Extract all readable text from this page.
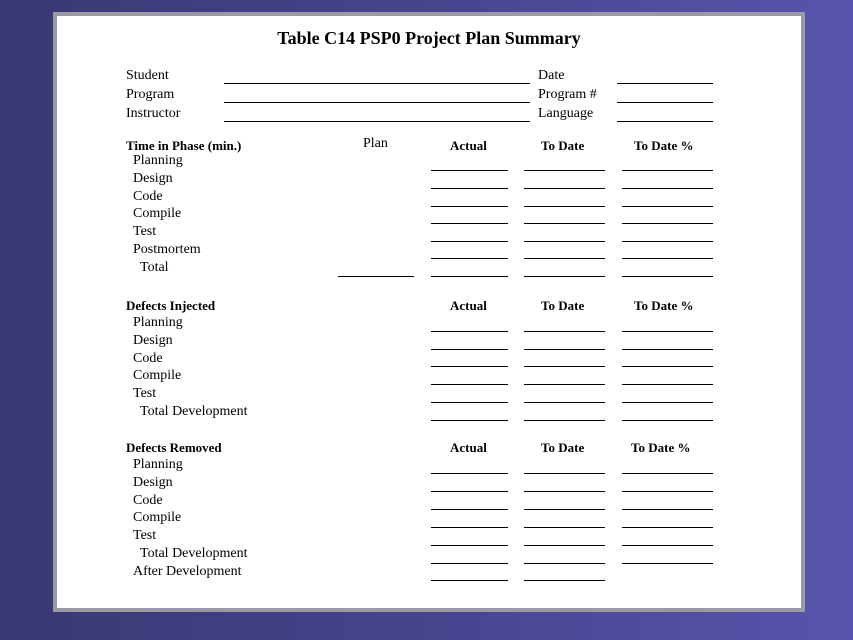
Table C14 PSP0 Project Plan Summary
Student
Program
Instructor
Date
Program #
Language
Time in Phase (min.)	Plan	Actual	To Date	To Date %
Planning
Design
Code
Compile
Test
Postmortem
Total
Defects Injected	Actual	To Date	To Date %
Planning
Design
Code
Compile
Test
Total Development
Defects Removed	Actual	To Date	To Date %
Planning
Design
Code
Compile
Test
Total Development
After Development
